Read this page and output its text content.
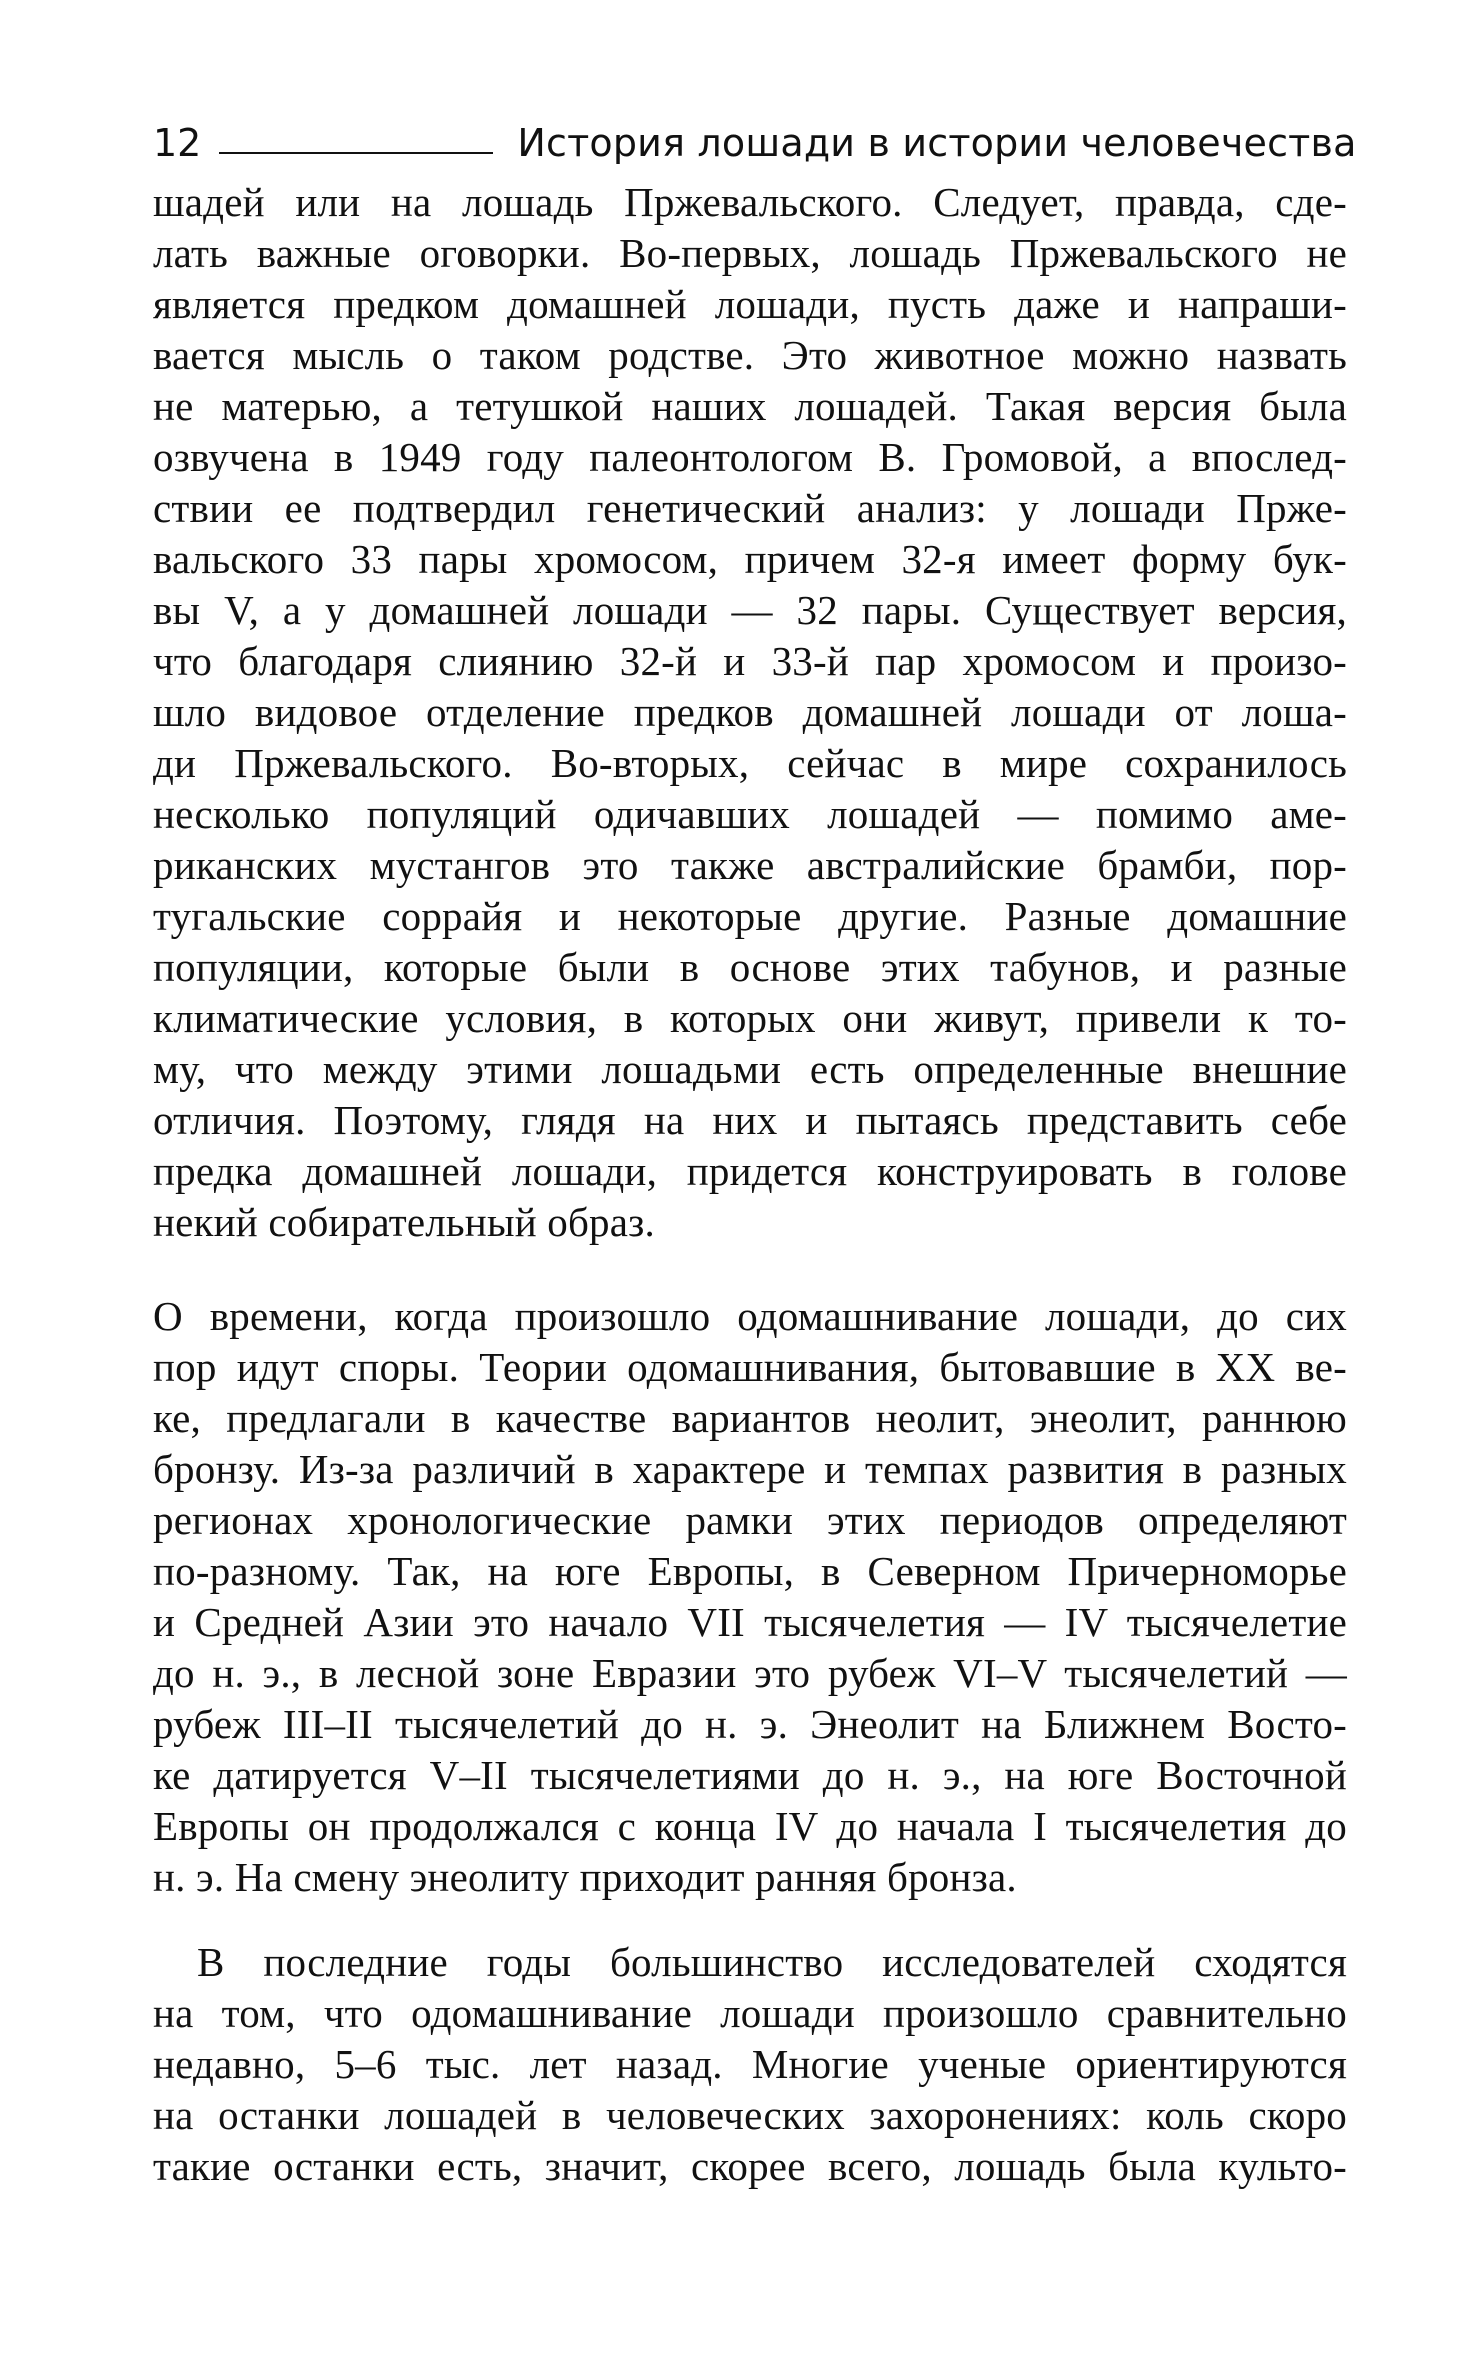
12	История лошади в истории человечества
шадей или на лошадь Пржевальского. Следует, правда, сде-
лать важные оговорки. Во-первых, лошадь Пржевальского не
является предком домашней лошади, пусть даже и напраши-
вается мысль о таком родстве. Это животное можно назвать
не матерью, а тетушкой наших лошадей. Такая версия была
озвучена в 1949 году палеонтологом В. Громовой, а впослед-
ствии ее подтвердил генетический анализ: у лошади Прже-
вальского 33 пары хромосом, причем 32-я имеет форму бук-
вы V, а у домашней лошади — 32 пары. Существует версия,
что благодаря слиянию 32-й и 33-й пар хромосом и произо-
шло видовое отделение предков домашней лошади от лоша-
ди Пржевальского. Во-вторых, сейчас в мире сохранилось
несколько популяций одичавших лошадей — помимо аме-
риканских мустангов это также австралийские брамби, пор-
тугальские соррайя и некоторые другие. Разные домашние
популяции, которые были в основе этих табунов, и разные
климатические условия, в которых они живут, привели к то-
му, что между этими лошадьми есть определенные внешние
отличия. Поэтому, глядя на них и пытаясь представить себе
предка домашней лошади, придется конструировать в голове
некий собирательный образ.
О времени, когда произошло одомашнивание лошади, до сих
пор идут споры. Теории одомашнивания, бытовавшие в XX ве-
ке, предлагали в качестве вариантов неолит, энеолит, раннюю
бронзу. Из-за различий в характере и темпах развития в разных
регионах хронологические рамки этих периодов определяют
по-разному. Так, на юге Европы, в Северном Причерноморье
и Средней Азии это начало VII тысячелетия — IV тысячелетие
до н. э., в лесной зоне Евразии это рубеж VI–V тысячелетий —
рубеж III–II тысячелетий до н. э. Энеолит на Ближнем Восто-
ке датируется V–II тысячелетиями до н. э., на юге Восточной
Европы он продолжался с конца IV до начала I тысячелетия до
н. э. На смену энеолиту приходит ранняя бронза.
В последние годы большинство исследователей сходятся
на том, что одомашнивание лошади произошло сравнительно
недавно, 5–6 тыс. лет назад. Многие ученые ориентируются
на останки лошадей в человеческих захоронениях: коль скоро
такие останки есть, значит, скорее всего, лошадь была культо-
